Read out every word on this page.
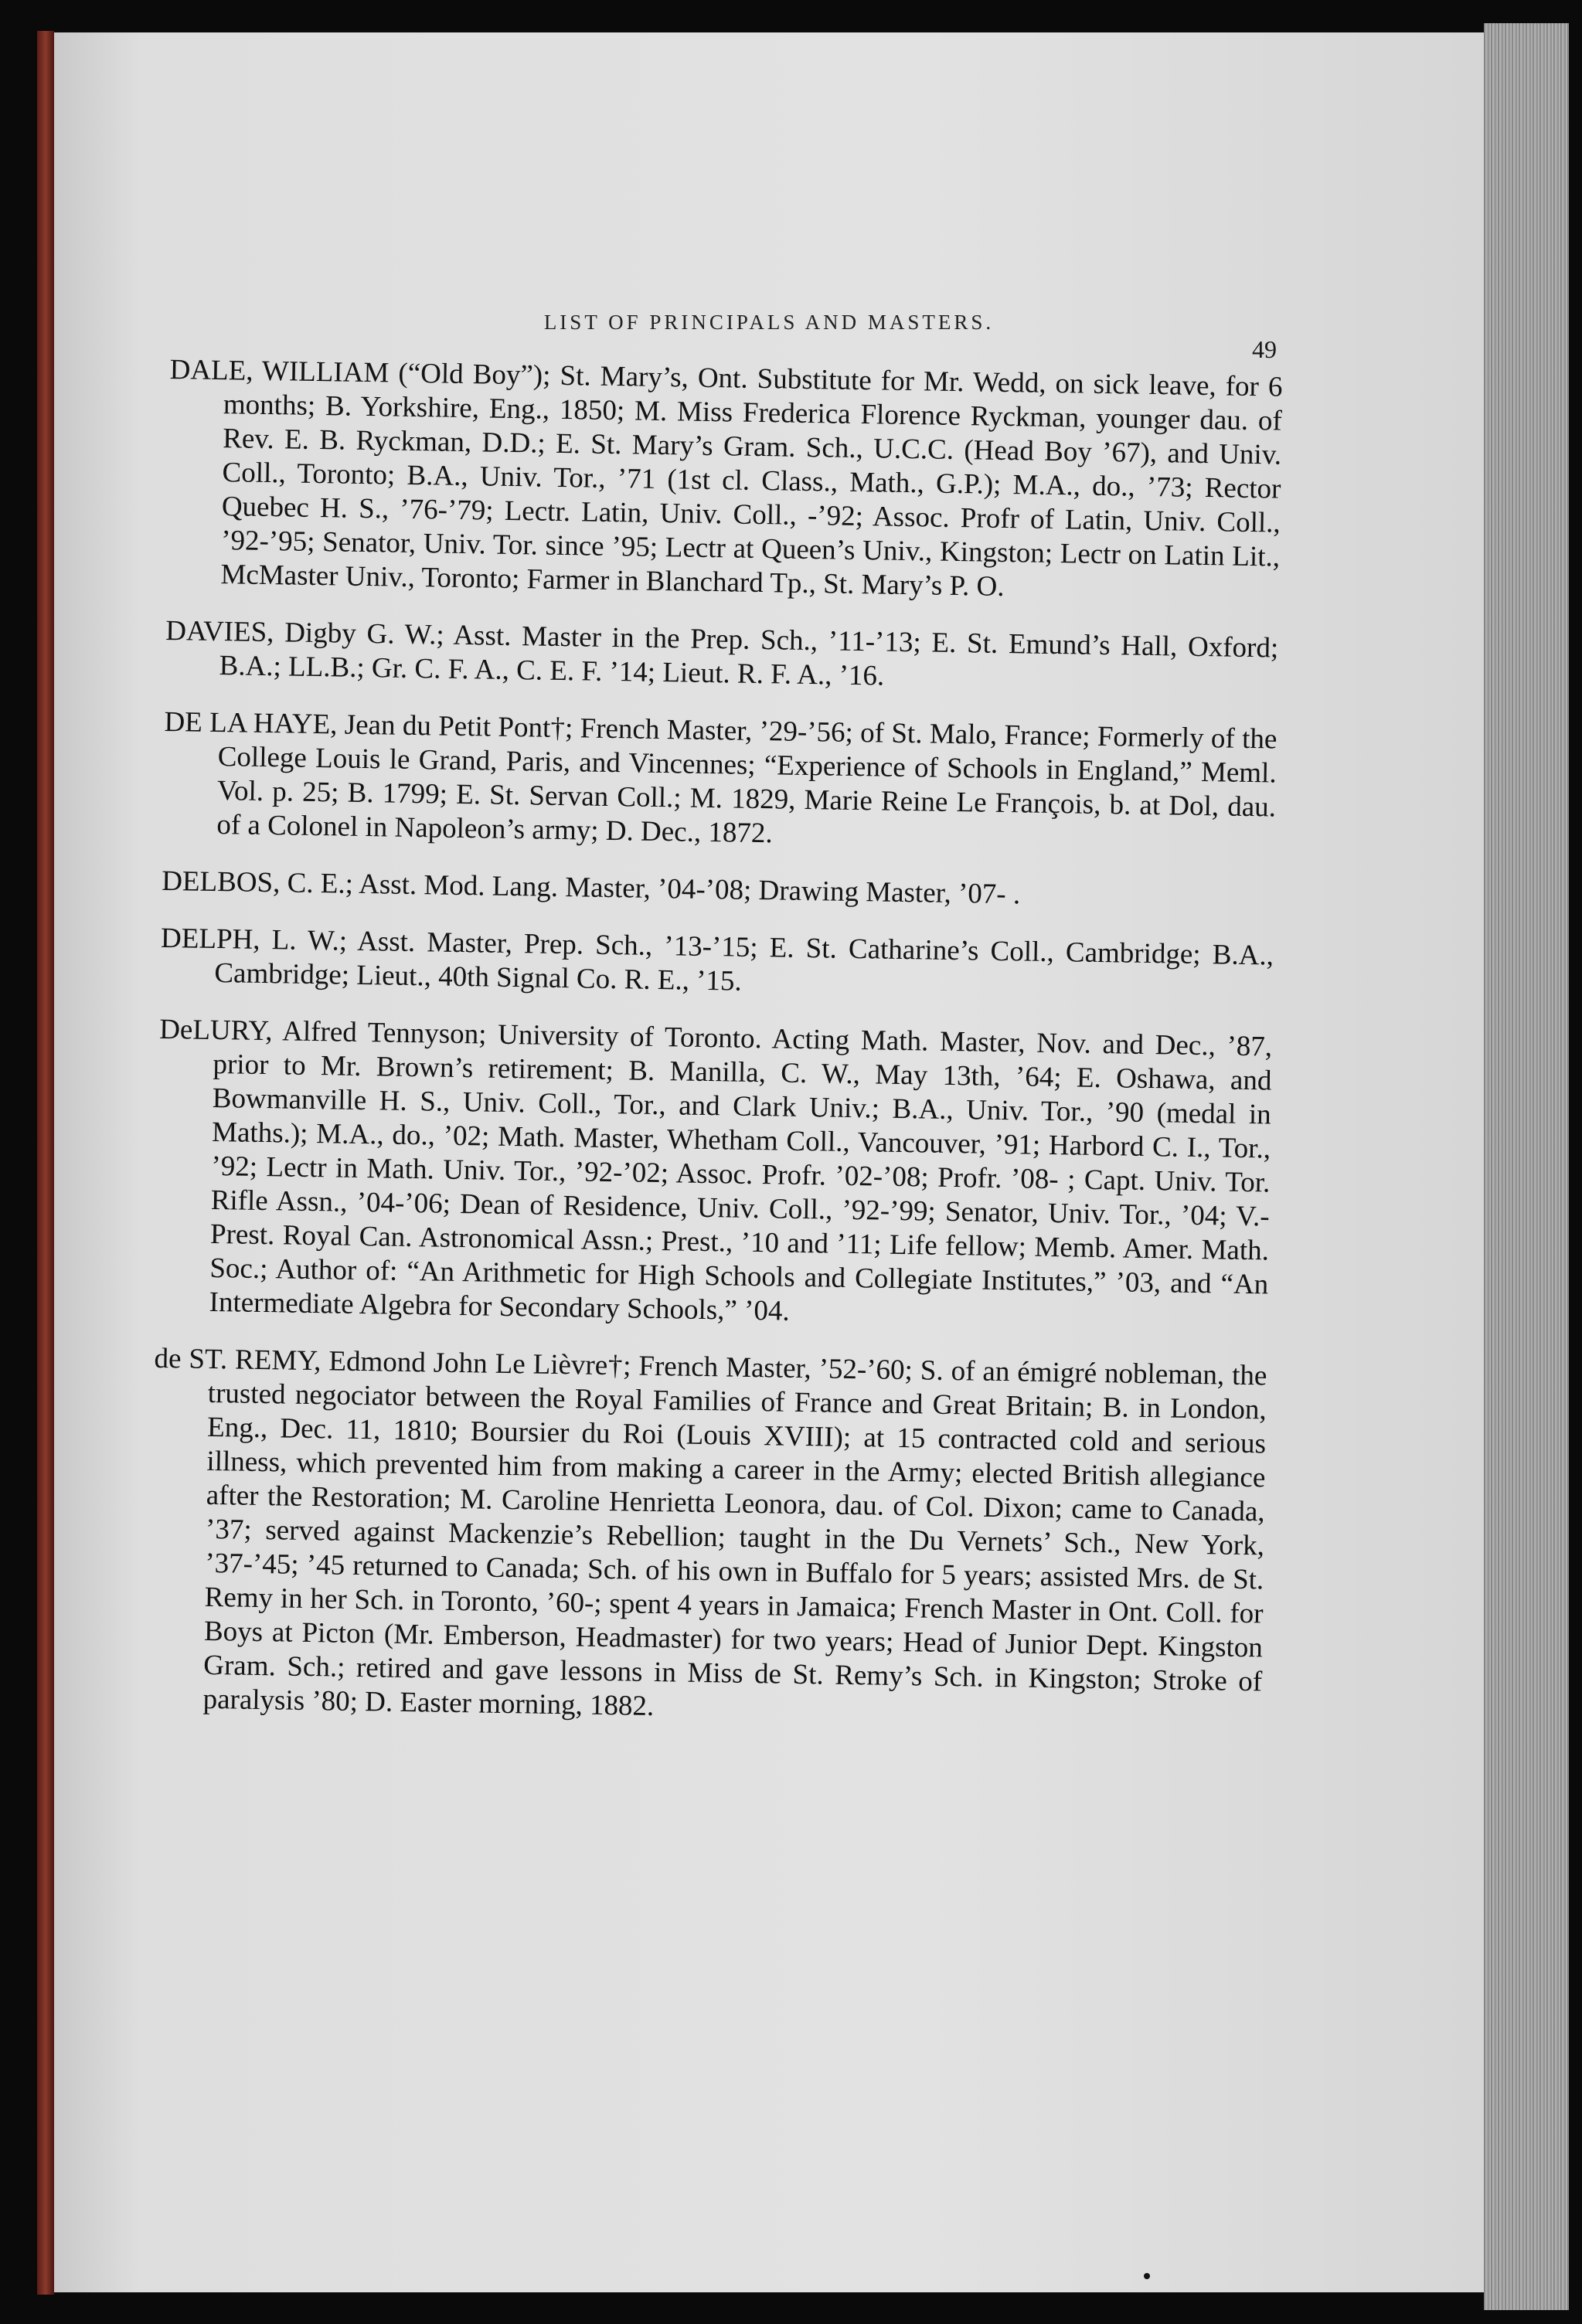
LIST OF PRINCIPALS AND MASTERS.
49

DALE, WILLIAM (“Old Boy”); St. Mary’s, Ont. Substitute for Mr. Wedd, on sick leave, for 6 months; B. Yorkshire, Eng., 1850; M. Miss Frederica Florence Ryckman, younger dau. of Rev. E. B. Ryckman, D.D.; E. St. Mary’s Gram. Sch., U.C.C. (Head Boy ’67), and Univ. Coll., Toronto; B.A., Univ. Tor., ’71 (1st cl. Class., Math., G.P.); M.A., do., ’73; Rector Quebec H. S., ’76-’79; Lectr. Latin, Univ. Coll., -’92; Assoc. Profr of Latin, Univ. Coll., ’92-’95; Senator, Univ. Tor. since ’95; Lectr at Queen’s Univ., Kingston; Lectr on Latin Lit., McMaster Univ., Toronto; Farmer in Blanchard Tp., St. Mary’s P. O.

DAVIES, Digby G. W.; Asst. Master in the Prep. Sch., ’11-’13; E. St. Emund’s Hall, Oxford; B.A.; LL.B.; Gr. C. F. A., C. E. F. ’14; Lieut. R. F. A., ’16.

DE LA HAYE, Jean du Petit Pont†; French Master, ’29-’56; of St. Malo, France; Formerly of the College Louis le Grand, Paris, and Vincennes; “Experience of Schools in England,” Meml. Vol. p. 25; B. 1799; E. St. Servan Coll.; M. 1829, Marie Reine Le François, b. at Dol, dau. of a Colonel in Napoleon’s army; D. Dec., 1872.

DELBOS, C. E.; Asst. Mod. Lang. Master, ’04-’08; Drawing Master, ’07- .

DELPH, L. W.; Asst. Master, Prep. Sch., ’13-’15; E. St. Catharine’s Coll., Cambridge; B.A., Cambridge; Lieut., 40th Signal Co. R. E., ’15.

DeLURY, Alfred Tennyson; University of Toronto. Acting Math. Master, Nov. and Dec., ’87, prior to Mr. Brown’s retirement; B. Manilla, C. W., May 13th, ’64; E. Oshawa, and Bowmanville H. S., Univ. Coll., Tor., and Clark Univ.; B.A., Univ. Tor., ’90 (medal in Maths.); M.A., do., ’02; Math. Master, Whetham Coll., Vancouver, ’91; Harbord C. I., Tor., ’92; Lectr in Math. Univ. Tor., ’92-’02; Assoc. Profr. ’02-’08; Profr. ’08- ; Capt. Univ. Tor. Rifle Assn., ’04-’06; Dean of Residence, Univ. Coll., ’92-’99; Senator, Univ. Tor., ’04; V.-Prest. Royal Can. Astronomical Assn.; Prest., ’10 and ’11; Life fellow; Memb. Amer. Math. Soc.; Author of: “An Arithmetic for High Schools and Collegiate Institutes,” ’03, and “An Intermediate Algebra for Secondary Schools,” ’04.

de ST. REMY, Edmond John Le Lièvre†; French Master, ’52-’60; S. of an émigré nobleman, the trusted negociator between the Royal Families of France and Great Britain; B. in London, Eng., Dec. 11, 1810; Boursier du Roi (Louis XVIII); at 15 contracted cold and serious illness, which prevented him from making a career in the Army; elected British allegiance after the Restoration; M. Caroline Henrietta Leonora, dau. of Col. Dixon; came to Canada, ’37; served against Mackenzie’s Rebellion; taught in the Du Vernets’ Sch., New York, ’37-’45; ’45 returned to Canada; Sch. of his own in Buffalo for 5 years; assisted Mrs. de St. Remy in her Sch. in Toronto, ’60-; spent 4 years in Jamaica; French Master in Ont. Coll. for Boys at Picton (Mr. Emberson, Headmaster) for two years; Head of Junior Dept. Kingston Gram. Sch.; retired and gave lessons in Miss de St. Remy’s Sch. in Kingston; Stroke of paralysis ’80; D. Easter morning, 1882.
